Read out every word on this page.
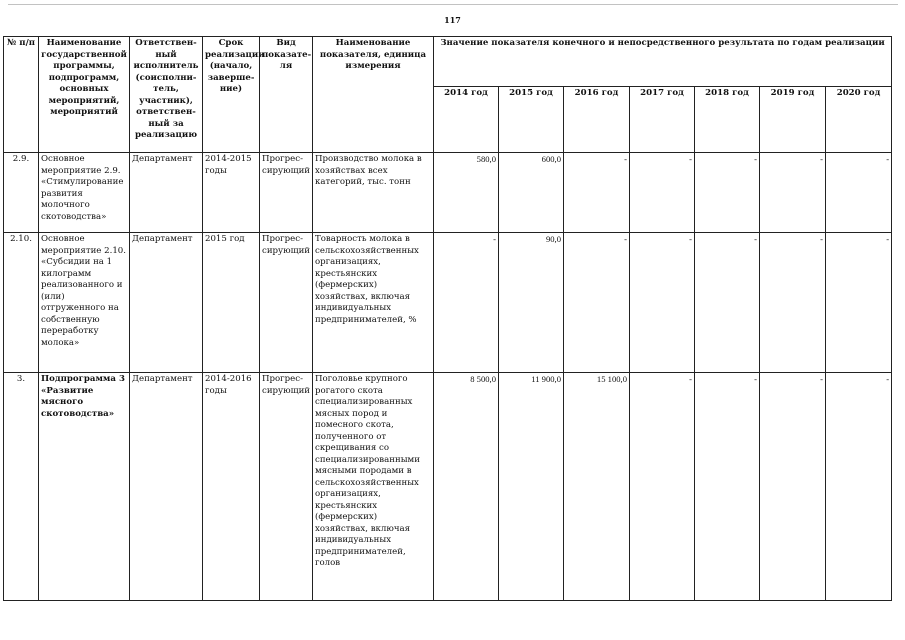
117
№ п/п	Наименование государственной программы, подпрограмм, основных мероприятий, мероприятий	Ответствен-ный исполнитель (соисполни-тель, участник), ответствен-ный за реализацию	Срок реализации (начало, заверше-ние)	Вид показате-ля	Наименование показателя, единица измерения	Значение показателя конечного и непосредственного результата по годам реализации						
						2014 год	2015 год	2016 год	2017 год	2018 год	2019 год	2020 год
2.9.	Основное мероприятие 2.9. «Стимулирование развития молочного скотоводства»	Департамент	2014-2015 годы	Прогрес-сирующий	Производство молока в хозяйствах всех категорий, тыс. тонн	580,0	600,0	-	-	-	-	-
2.10.	Основное мероприятие 2.10. «Субсидии на 1 килограмм реализованного и (или) отгруженного на собственную переработку молока»	Департамент	2015 год	Прогрес-сирующий	Товарность молока в сельскохозяйственных организациях, крестьянских (фермерских) хозяйствах, включая индивидуальных предпринимателей, %	-	90,0	-	-	-	-	-
3.	Подпрограмма 3 «Развитие мясного скотоводства»	Департамент	2014-2016 годы	Прогрес-сирующий	Поголовье крупного рогатого скота специализированных мясных пород и помесного скота, полученного от скрещивания со специализированными мясными породами в сельскохозяйственных организациях, крестьянских (фермерских) хозяйствах, включая индивидуальных предпринимателей, голов	8 500,0	11 900,0	15 100,0	-	-	-	-
